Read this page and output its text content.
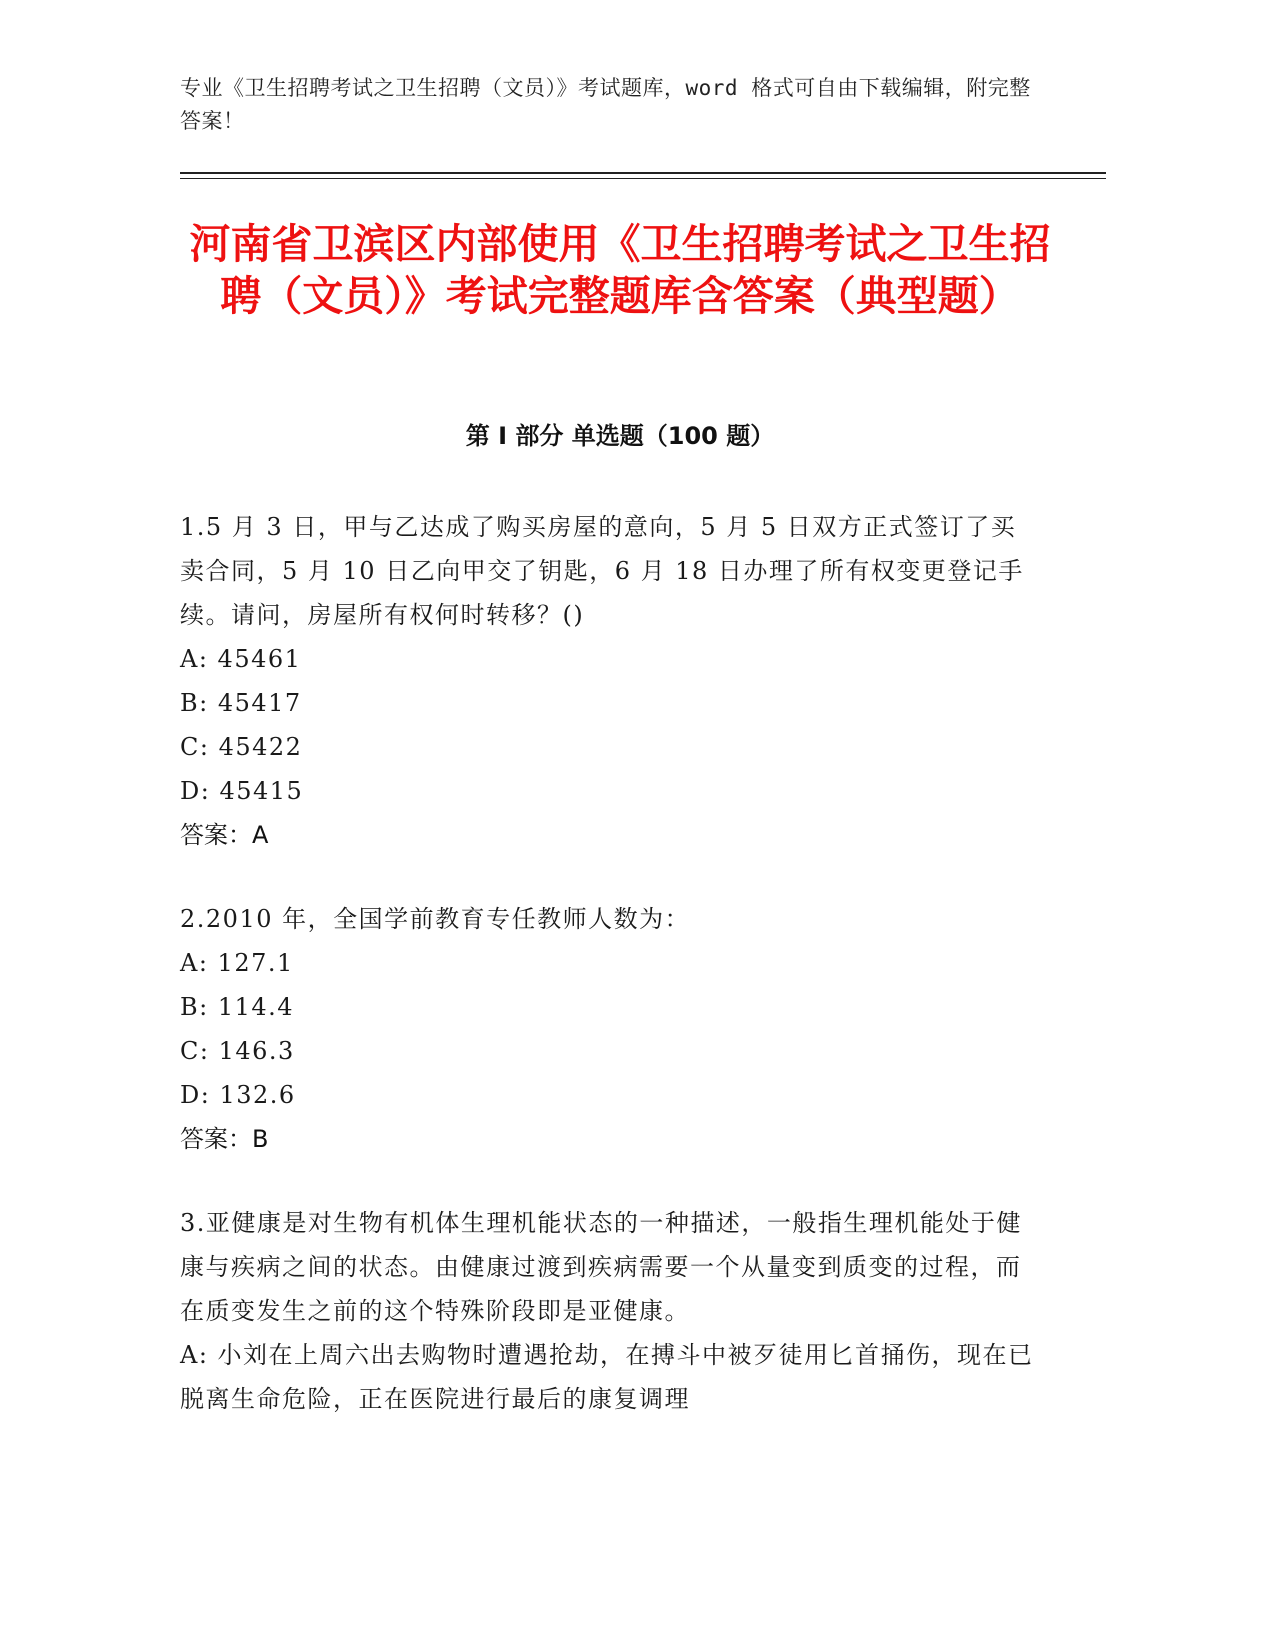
专业《卫生招聘考试之卫生招聘（文员）》考试题库，word 格式可自由下载编辑，附完整答案！
河南省卫滨区内部使用《卫生招聘考试之卫生招聘（文员）》考试完整题库含答案（典型题）
第 I 部分 单选题（100 题）
1.5 月 3 日，甲与乙达成了购买房屋的意向，5 月 5 日双方正式签订了买卖合同，5 月 10 日乙向甲交了钥匙，6 月 18 日办理了所有权变更登记手续。请问，房屋所有权何时转移？()
A: 45461
B: 45417
C: 45422
D: 45415
答案：A
2.2010 年，全国学前教育专任教师人数为：
A: 127.1
B: 114.4
C: 146.3
D: 132.6
答案：B
3.亚健康是对生物有机体生理机能状态的一种描述，一般指生理机能处于健康与疾病之间的状态。由健康过渡到疾病需要一个从量变到质变的过程，而在质变发生之前的这个特殊阶段即是亚健康。
A: 小刘在上周六出去购物时遭遇抢劫，在搏斗中被歹徒用匕首捅伤，现在已脱离生命危险，正在医院进行最后的康复调理
